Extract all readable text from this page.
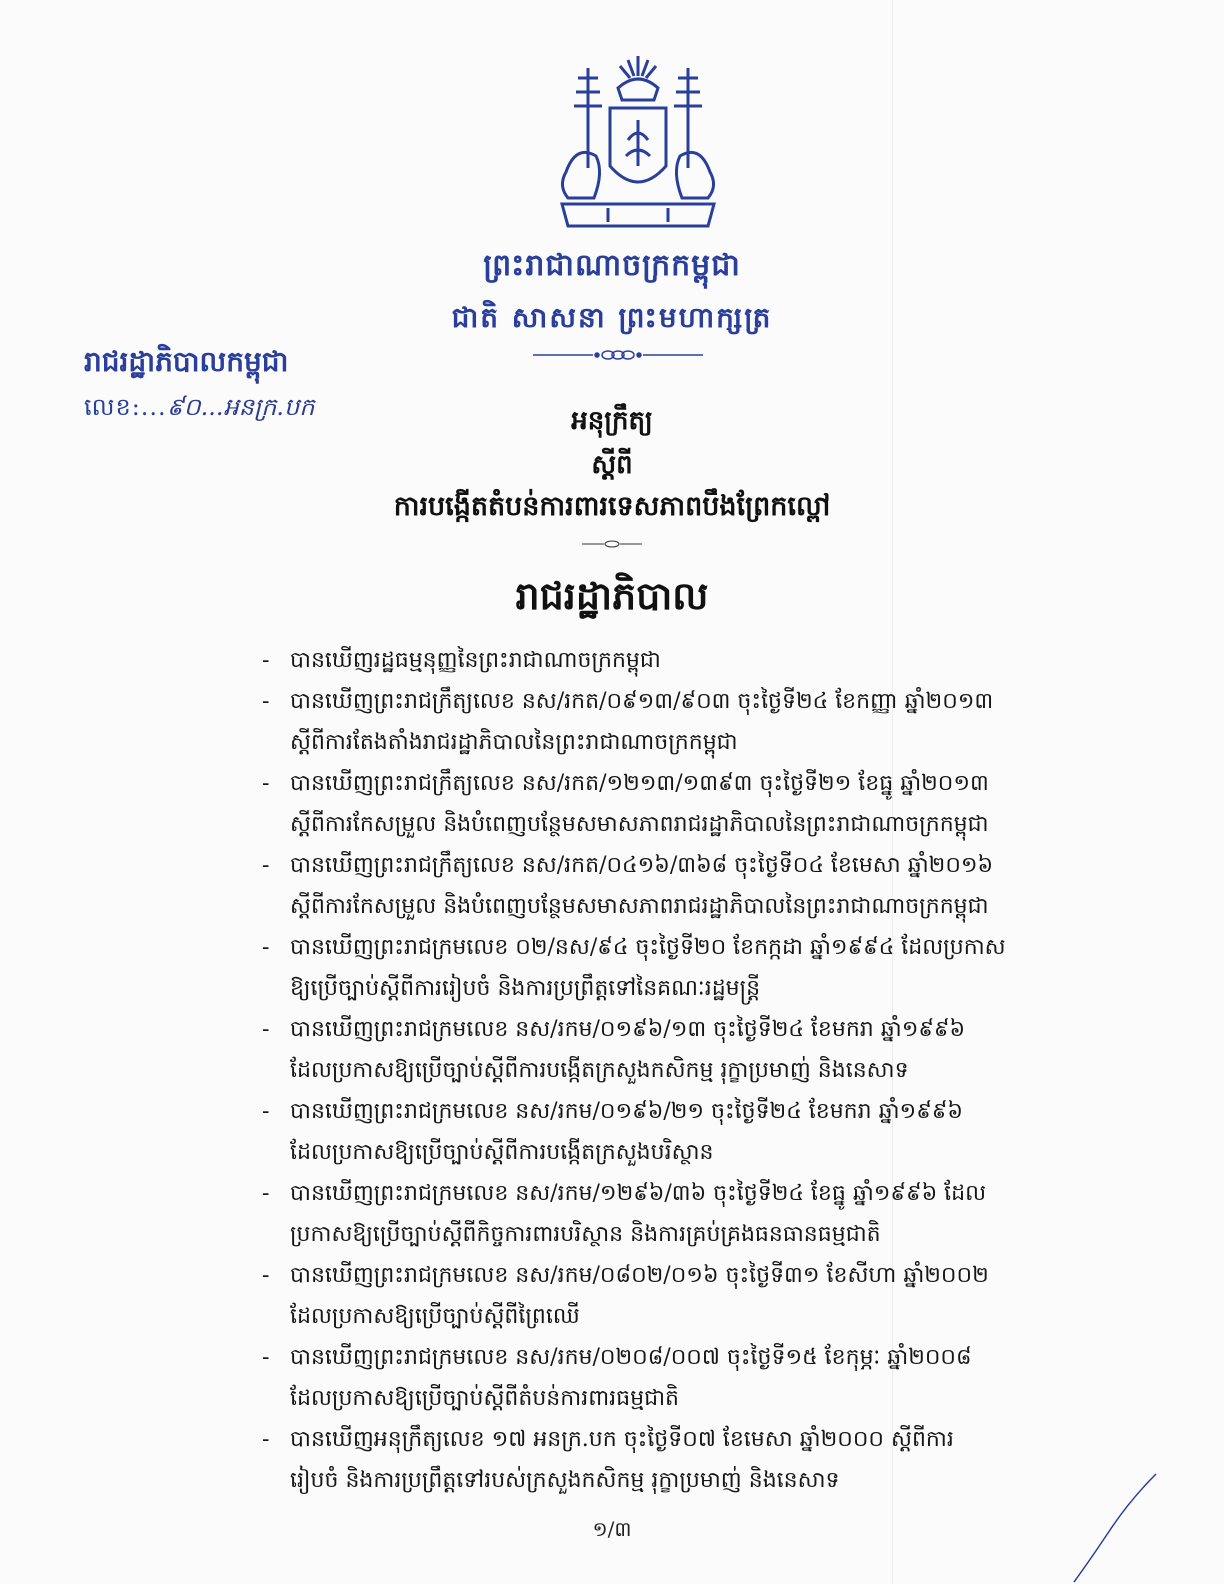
ព្រះរាជាណាចក្រកម្ពុជា
ជាតិ សាសនា ព្រះមហាក្សត្រ
រាជរដ្ឋាភិបាលកម្ពុជា
លេខ:...៩០...អនក្រ.បក	អនុក្រឹត្យ
ស្តីពី
ការបង្កើតតំបន់ការពារទេសភាពបឹងព្រែកល្ពៅ
រាជរដ្ឋាភិបាល
- បានឃើញរដ្ឋធម្មនុញ្ញនៃព្រះរាជាណាចក្រកម្ពុជា
- បានឃើញព្រះរាជក្រឹត្យលេខ នស/រកត/០៩១៣/៩០៣ ចុះថ្ងៃទី២៤ ខែកញ្ញា ឆ្នាំ២០១៣
ស្តីពីការតែងតាំងរាជរដ្ឋាភិបាលនៃព្រះរាជាណាចក្រកម្ពុជា
- បានឃើញព្រះរាជក្រឹត្យលេខ នស/រកត/១២១៣/១៣៩៣ ចុះថ្ងៃទី២១ ខែធ្នូ ឆ្នាំ២០១៣
ស្តីពីការកែសម្រួល និងបំពេញបន្ថែមសមាសភាពរាជរដ្ឋាភិបាលនៃព្រះរាជាណាចក្រកម្ពុជា
- បានឃើញព្រះរាជក្រឹត្យលេខ នស/រកត/០៤១៦/៣៦៨ ចុះថ្ងៃទី០៤ ខែមេសា ឆ្នាំ២០១៦
ស្តីពីការកែសម្រួល និងបំពេញបន្ថែមសមាសភាពរាជរដ្ឋាភិបាលនៃព្រះរាជាណាចក្រកម្ពុជា
- បានឃើញព្រះរាជក្រមលេខ ០២/នស/៩៤ ចុះថ្ងៃទី២០ ខែកក្កដា ឆ្នាំ១៩៩៤ ដែលប្រកាស
ឱ្យប្រើច្បាប់ស្តីពីការរៀបចំ និងការប្រព្រឹត្តទៅនៃគណៈរដ្ឋមន្ត្រី
- បានឃើញព្រះរាជក្រមលេខ នស/រកម/០១៩៦/១៣ ចុះថ្ងៃទី២៤ ខែមករា ឆ្នាំ១៩៩៦
ដែលប្រកាសឱ្យប្រើច្បាប់ស្តីពីការបង្កើតក្រសួងកសិកម្ម រុក្ខាប្រមាញ់ និងនេសាទ
- បានឃើញព្រះរាជក្រមលេខ នស/រកម/០១៩៦/២១ ចុះថ្ងៃទី២៤ ខែមករា ឆ្នាំ១៩៩៦
ដែលប្រកាសឱ្យប្រើច្បាប់ស្តីពីការបង្កើតក្រសួងបរិស្ថាន
- បានឃើញព្រះរាជក្រមលេខ នស/រកម/១២៩៦/៣៦ ចុះថ្ងៃទី២៤ ខែធ្នូ ឆ្នាំ១៩៩៦ ដែល
ប្រកាសឱ្យប្រើច្បាប់ស្តីពីកិច្ចការពារបរិស្ថាន និងការគ្រប់គ្រងធនធានធម្មជាតិ
- បានឃើញព្រះរាជក្រមលេខ នស/រកម/០៨០២/០១៦ ចុះថ្ងៃទី៣១ ខែសីហា ឆ្នាំ២០០២
ដែលប្រកាសឱ្យប្រើច្បាប់ស្តីពីព្រៃឈើ
- បានឃើញព្រះរាជក្រមលេខ នស/រកម/០២០៨/០០៧ ចុះថ្ងៃទី១៥ ខែកុម្ភៈ ឆ្នាំ២០០៨
ដែលប្រកាសឱ្យប្រើច្បាប់ស្តីពីតំបន់ការពារធម្មជាតិ
- បានឃើញអនុក្រឹត្យលេខ ១៧ អនក្រ.បក ចុះថ្ងៃទី០៧ ខែមេសា ឆ្នាំ២០០០ ស្តីពីការ
រៀបចំ និងការប្រព្រឹត្តទៅរបស់ក្រសួងកសិកម្ម រុក្ខាប្រមាញ់ និងនេសាទ
១/៣
